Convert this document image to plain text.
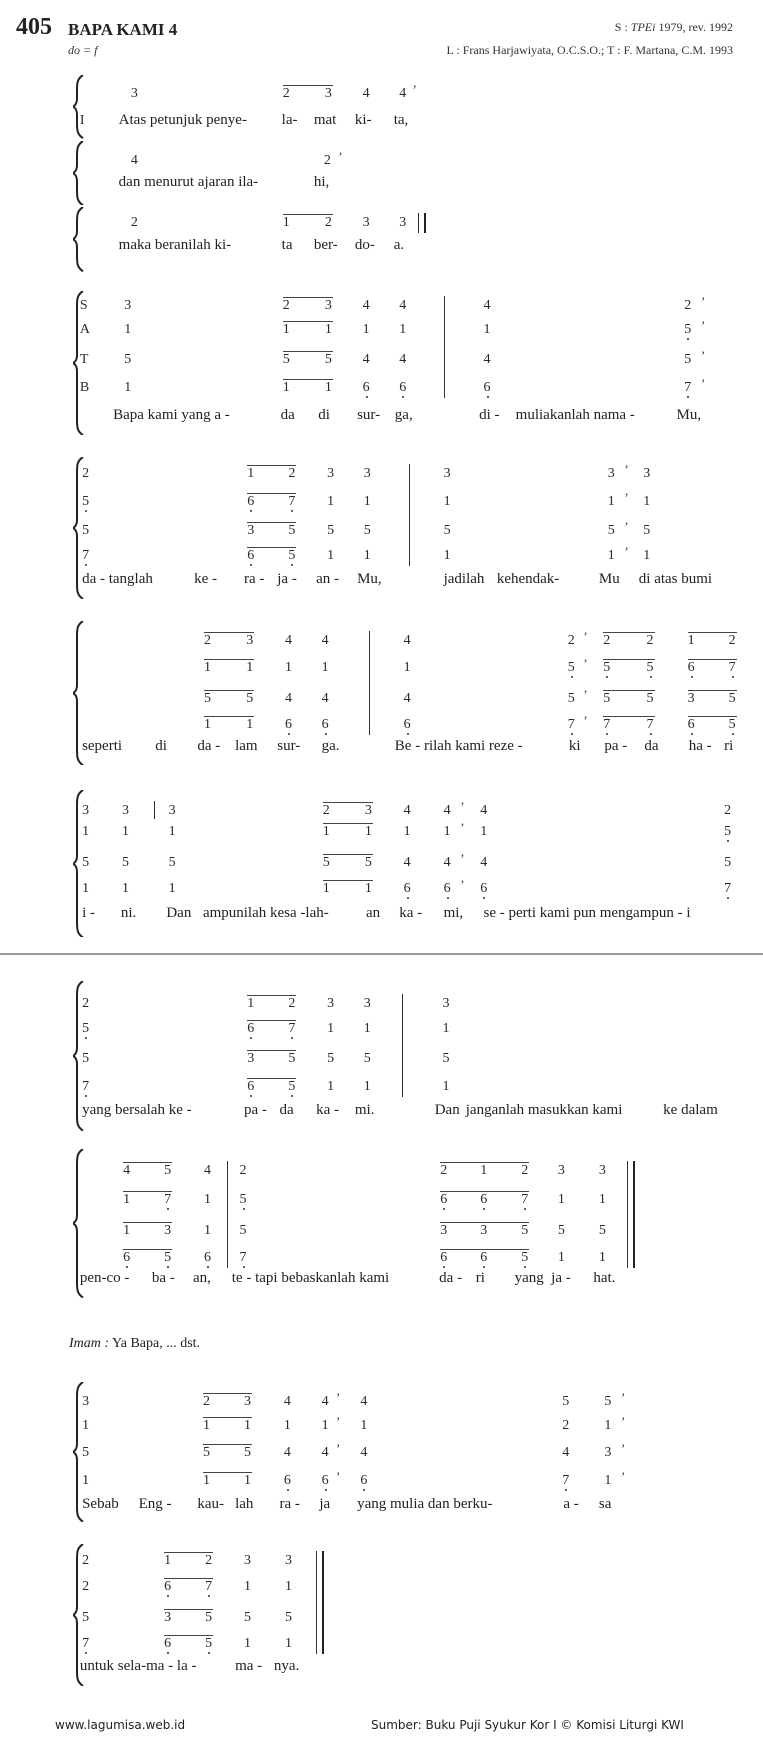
405 BAPA KAMI 4
do = f
S : TPEi 1979, rev. 1992
L : Frans Harjawiyata, O.C.S.O.; T : F. Martana, C.M. 1993
I
3	2	3 4 4 ’
Atas petunjuk penye- la- mat ki- ta,
4	2 ’
dan menurut ajaran ila-	hi,
2	1	2 3 3
maka beranilah ki-	ta ber- do- a.
S
A
T
B
3	2	3 4 4	4	2 ’
1	1	1 1 1	1	5 ’
5	5	5 4 4	4	5 ’
1	1	1 6 6	6	7 ’
Bapa kami yang a -	da di sur- ga,	di - muliakanlah nama -	Mu,
2	1 2 3 3	3	3 ’ 3
5	6 7 1 1	1	1 ’ 1
5	3 5 5 5	5	5 ’ 5
7	6 5 1 1	1	1 ’ 1
da - tanglah	ke - ra - ja - an - Mu,	jadilah kehendak-	Mu di atas bumi
2	3 4 4	4	2 ’ 2	2 1 2
1	1 1 1	1	5 ’ 5	5 6 7
5	5 4 4	4	5 ’ 5	5 3 5
1	1 6 6	6	7 ’ 7	7 6 5
seperti di da - lam sur- ga.	Be - rilah kami reze -	ki pa - da ha - ri
3 3	3	2	3 4 4 ’ 4	2
1 1	1	1	1 1 1 ’ 1	5
5 5	5	5	5 4 4 ’ 4	5
1 1	1	1	1 6 6 ’ 6	7
i - ni. Dan ampunilah kesa -lah- an ka - mi, se - perti kami pun mengampun - i
2	1 2 3 3	3
5	6 7 1 1	1
5	3 5 5 5	5
7	6 5 1 1	1
yang bersalah ke -	pa - da ka - mi.	Dan janganlah masukkan kami	ke dalam
4 5 4 2	2 1 2 3 3
1 7 1 5	6 6 7 1 1
1 3 1 5	3 3 5 5 5
6 5 6 7	6 6 5 1 1
pen-co - ba - an, te - tapi bebaskanlah kami	da - ri yang ja - hat.
3	2 3 4 4 ’ 4	5	5 ’
1	1 1 1 1 ’ 1	2	1 ’
5	5 5 4 4 ’ 4	4	3 ’
1	1 1 6 6 ’ 6	7	1 ’
Sebab Eng - kau- lah ra - ja yang mulia dan berku-	a - sa
2	1 2 3 3
2	6 7 1 1
5	3 5 5 5
7	6 5 1 1
untuk sela-ma - la -	ma - nya.
Imam : Ya Bapa, ... dst.
www.lagumisa.web.id	Sumber: Buku Puji Syukur Kor I © Komisi Liturgi KWI
